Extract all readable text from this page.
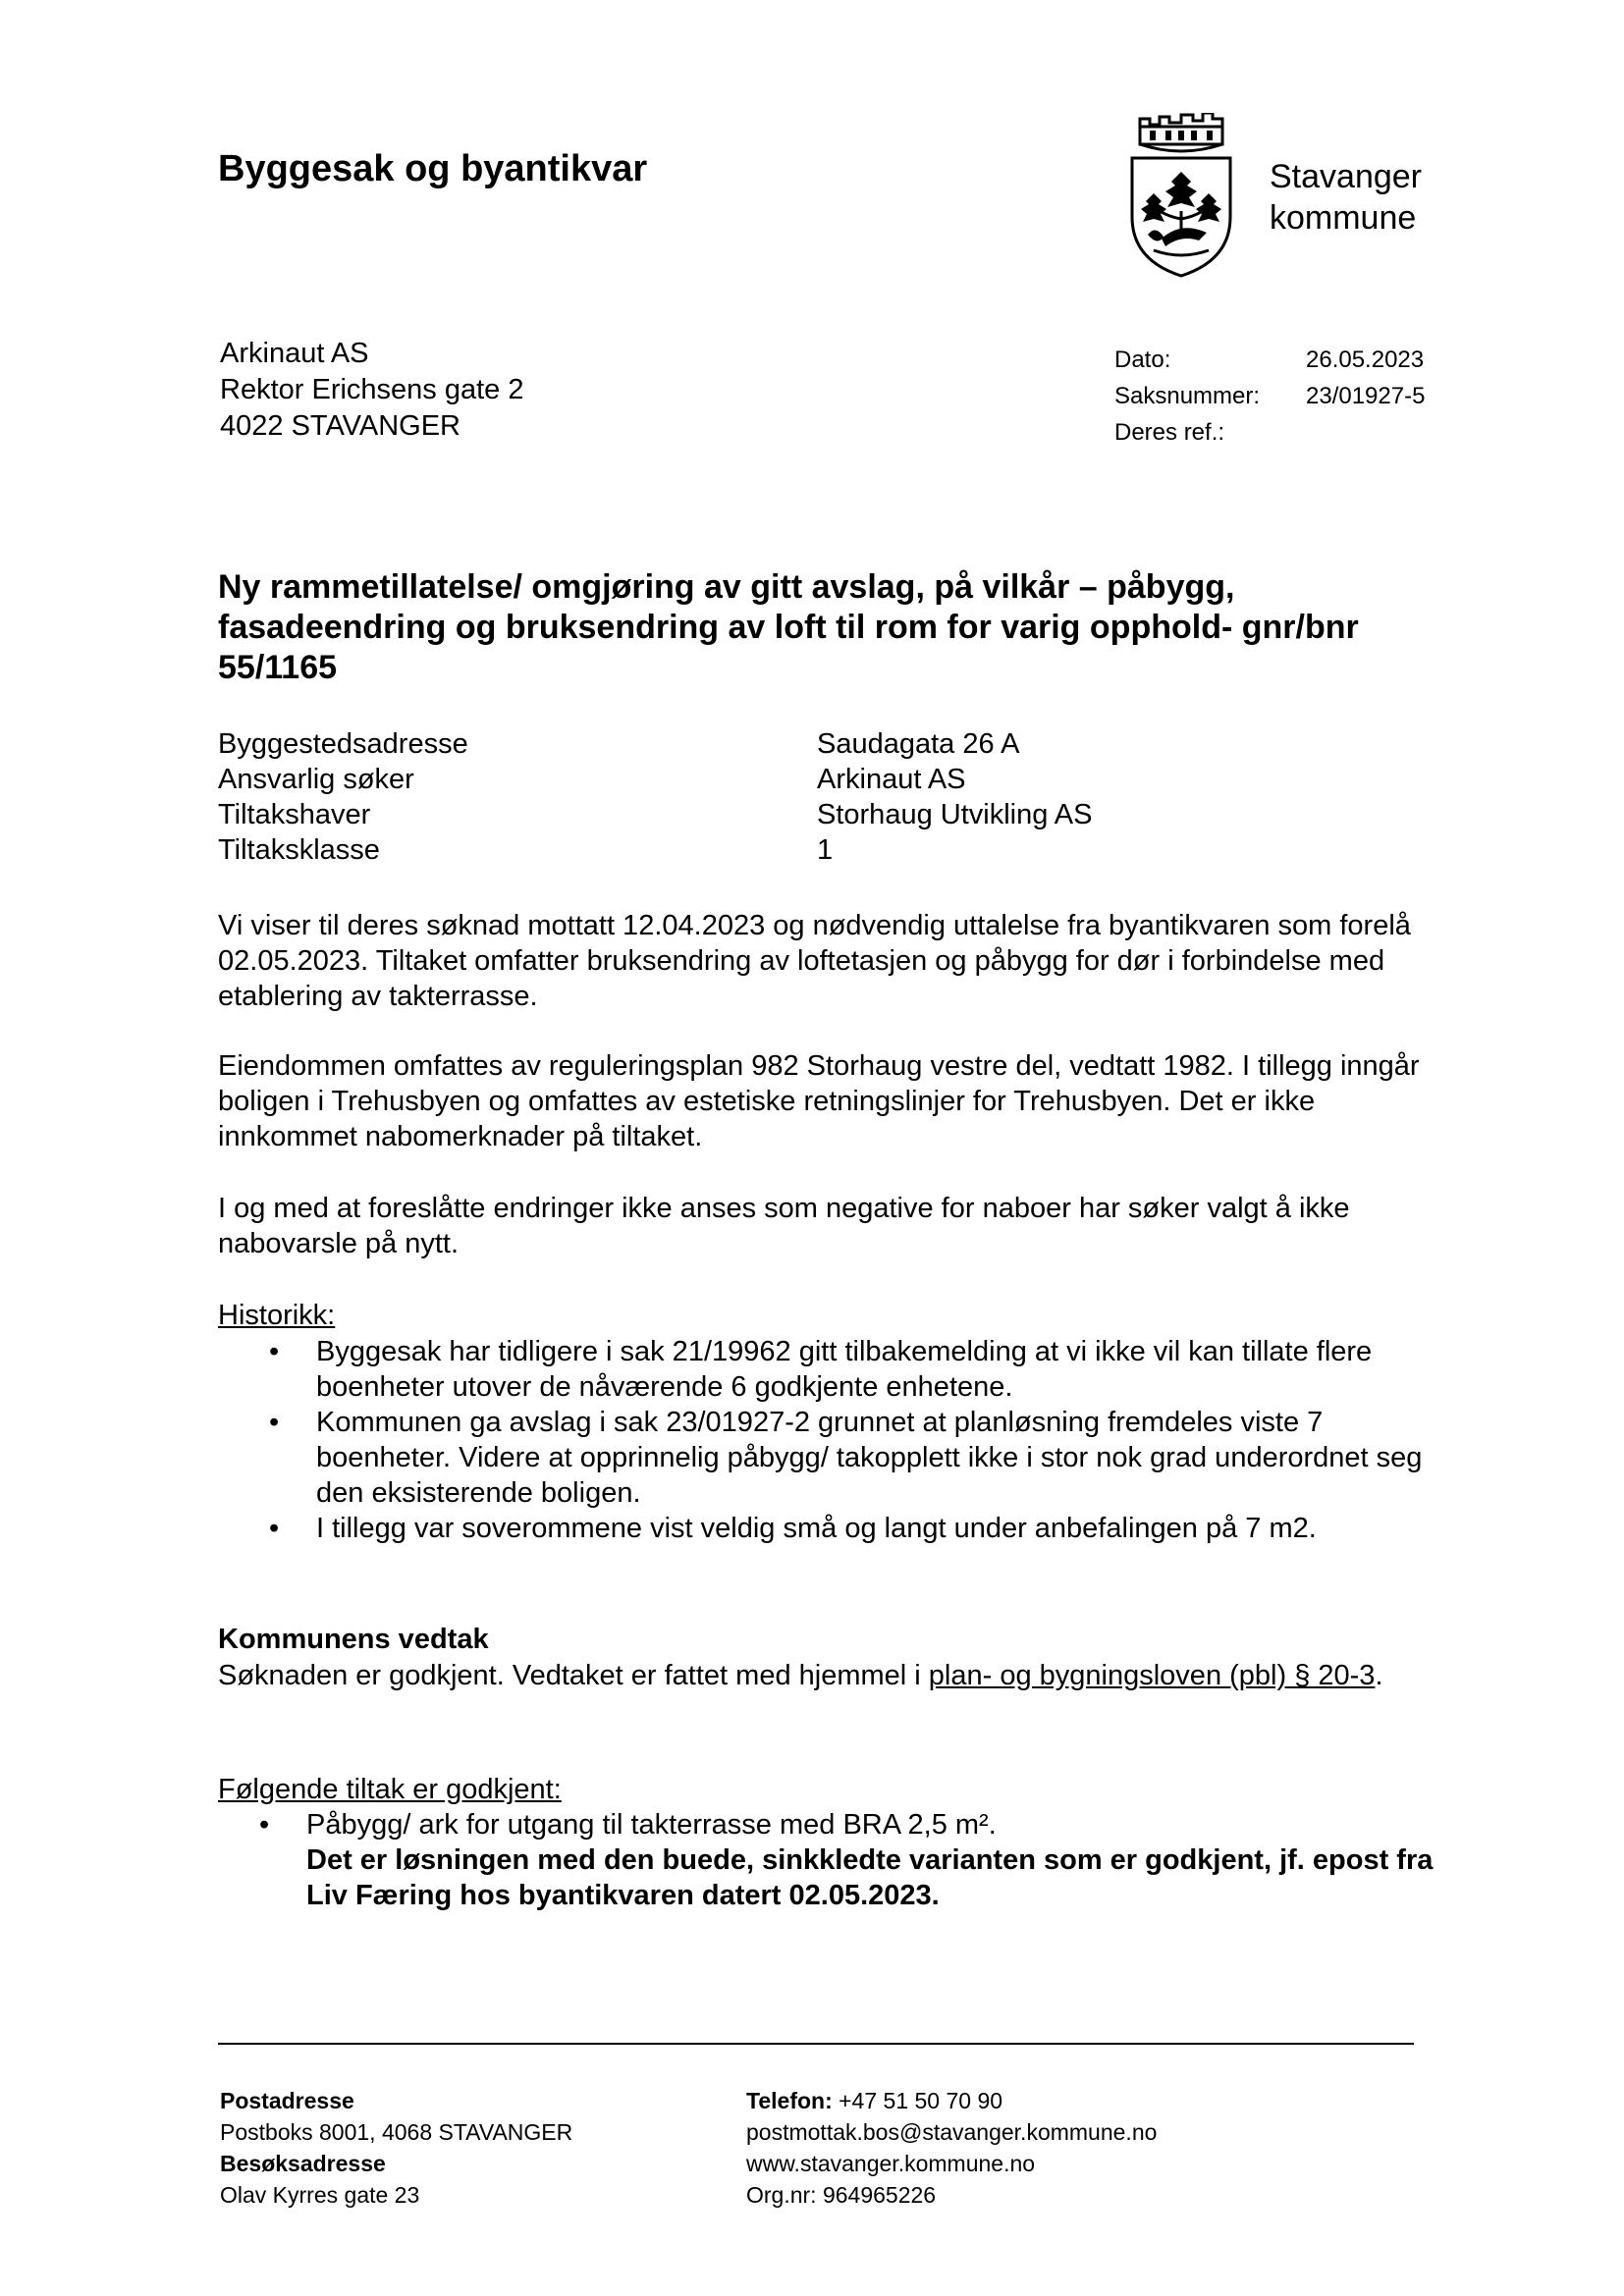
Byggesak og byantikvar	Stavanger
kommune
Arkinaut AS
Rektor Erichsens gate 2
4022 STAVANGER
Dato:	26.05.2023
Saksnummer:	23/01927-5
Deres ref.:
Ny rammetillatelse/ omgjøring av gitt avslag, på vilkår – påbygg, fasadeendring og bruksendring av loft til rom for varig opphold- gnr/bnr 55/1165
Byggestedsadresse	Saudagata 26 A
Ansvarlig søker	Arkinaut AS
Tiltakshaver	Storhaug Utvikling AS
Tiltaksklasse	1

Vi viser til deres søknad mottatt 12.04.2023 og nødvendig uttalelse fra byantikvaren som forelå 02.05.2023. Tiltaket omfatter bruksendring av loftetasjen og påbygg for dør i forbindelse med etablering av takterrasse.

Eiendommen omfattes av reguleringsplan 982 Storhaug vestre del, vedtatt 1982. I tillegg inngår boligen i Trehusbyen og omfattes av estetiske retningslinjer for Trehusbyen. Det er ikke innkommet nabomerknader på tiltaket.

I og med at foreslåtte endringer ikke anses som negative for naboer har søker valgt å ikke nabovarsle på nytt.

Historikk:
• Byggesak har tidligere i sak 21/19962 gitt tilbakemelding at vi ikke vil kan tillate flere boenheter utover de nåværende 6 godkjente enhetene.
• Kommunen ga avslag i sak 23/01927-2 grunnet at planløsning fremdeles viste 7 boenheter. Videre at opprinnelig påbygg/ takopplett ikke i stor nok grad underordnet seg den eksisterende boligen.
• I tillegg var soverommene vist veldig små og langt under anbefalingen på 7 m2.
Kommunens vedtak

Søknaden er godkjent. Vedtaket er fattet med hjemmel i plan- og bygningsloven (pbl) § 20-3.

Følgende tiltak er godkjent:
• Påbygg/ ark for utgang til takterrasse med BRA 2,5 m².
Det er løsningen med den buede, sinkkledte varianten som er godkjent, jf. epost fra Liv Færing hos byantikvaren datert 02.05.2023.
Postadresse
Postboks 8001, 4068 STAVANGER
Besøksadresse
Olav Kyrres gate 23
Telefon: +47 51 50 70 90
postmottak.bos@stavanger.kommune.no
www.stavanger.kommune.no
Org.nr: 964965226
